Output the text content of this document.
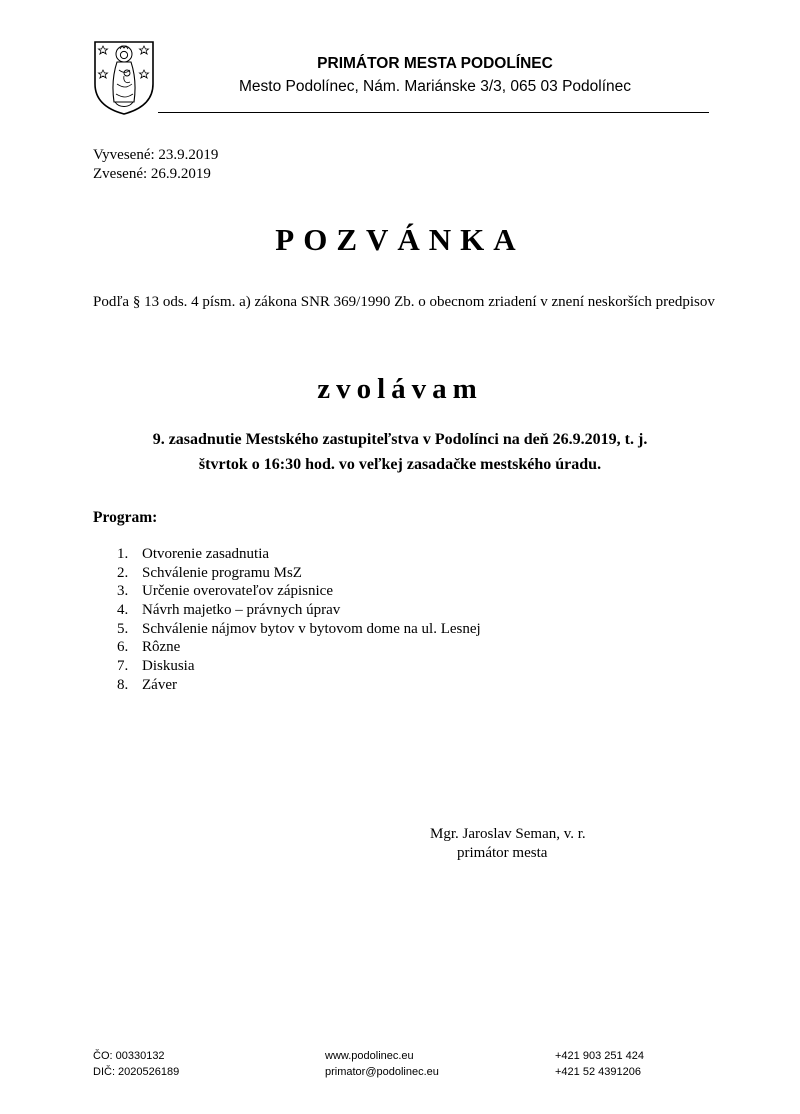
PRIMÁTOR MESTA PODOLÍNEC
Mesto Podolínec, Nám. Mariánske 3/3, 065 03 Podolínec
Vyvesené: 23.9.2019
Zvesené: 26.9.2019
POZVÁNKA
Podľa § 13 ods. 4 písm. a) zákona SNR 369/1990 Zb. o obecnom zriadení v znení neskorších predpisov
zvolávam
9. zasadnutie Mestského zastupiteľstva v Podolínci na deň 26.9.2019, t. j.
štvrtok o 16:30 hod. vo veľkej zasadačke mestského úradu.
Program:
1. Otvorenie zasadnutia
2. Schválenie programu MsZ
3. Určenie overovateľov zápisnice
4. Návrh majetko – právnych úprav
5. Schválenie nájmov bytov v bytovom dome na ul. Lesnej
6. Rôzne
7. Diskusia
8. Záver
Mgr. Jaroslav Seman, v. r.
primátor mesta
ČO: 00330132
DIČ: 2020526189
www.podolinec.eu
primator@podolinec.eu
+421 903 251 424
+421 52 4391206
